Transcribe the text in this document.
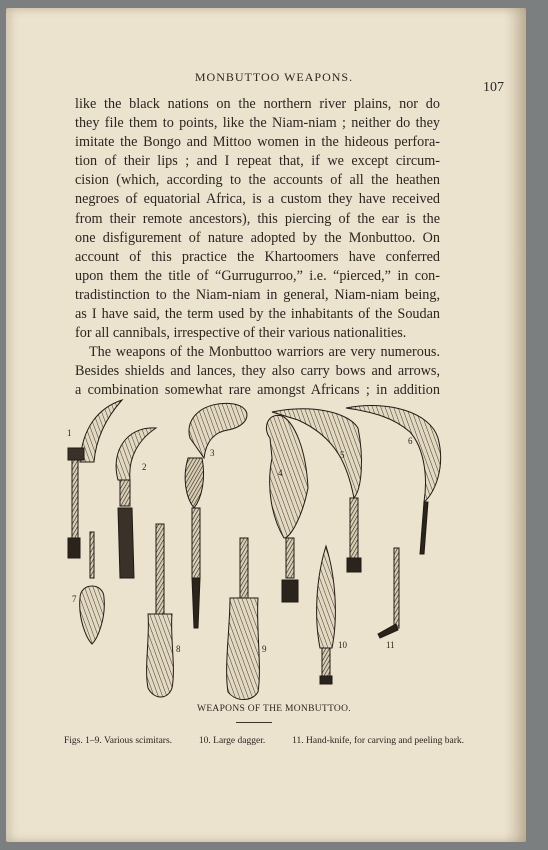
MONBUTTOO WEAPONS.
107
like the black nations on the northern river plains, nor do
they file them to points, like the Niam-niam ; neither do they
imitate the Bongo and Mittoo women in the hideous perfora-
tion of their lips ; and I repeat that, if we except circum-
cision (which, according to the accounts of all the heathen
negroes of equatorial Africa, is a custom they have received
from their remote ancestors), this piercing of the ear is the
one disfigurement of nature adopted by the Monbuttoo. On
account of this practice the Khartoomers have conferred
upon them the title of “Gurrugurroo,” i.e. “pierced,” in con-
tradistinction to the Niam-niam in general, Niam-niam being,
as I have said, the term used by the inhabitants of the Soudan
for all cannibals, irrespective of their various nationalities.
The weapons of the Monbuttoo warriors are very numerous.
Besides shields and lances, they also carry bows and arrows,
a combination somewhat rare amongst Africans ; in addition
1
2
3
4
5
6
7
8	9	10	11
WEAPONS OF THE MONBUTTOO.
Figs. 1–9. Various scimitars.	10. Large dagger.	11. Hand-knife, for carving and peeling bark.
